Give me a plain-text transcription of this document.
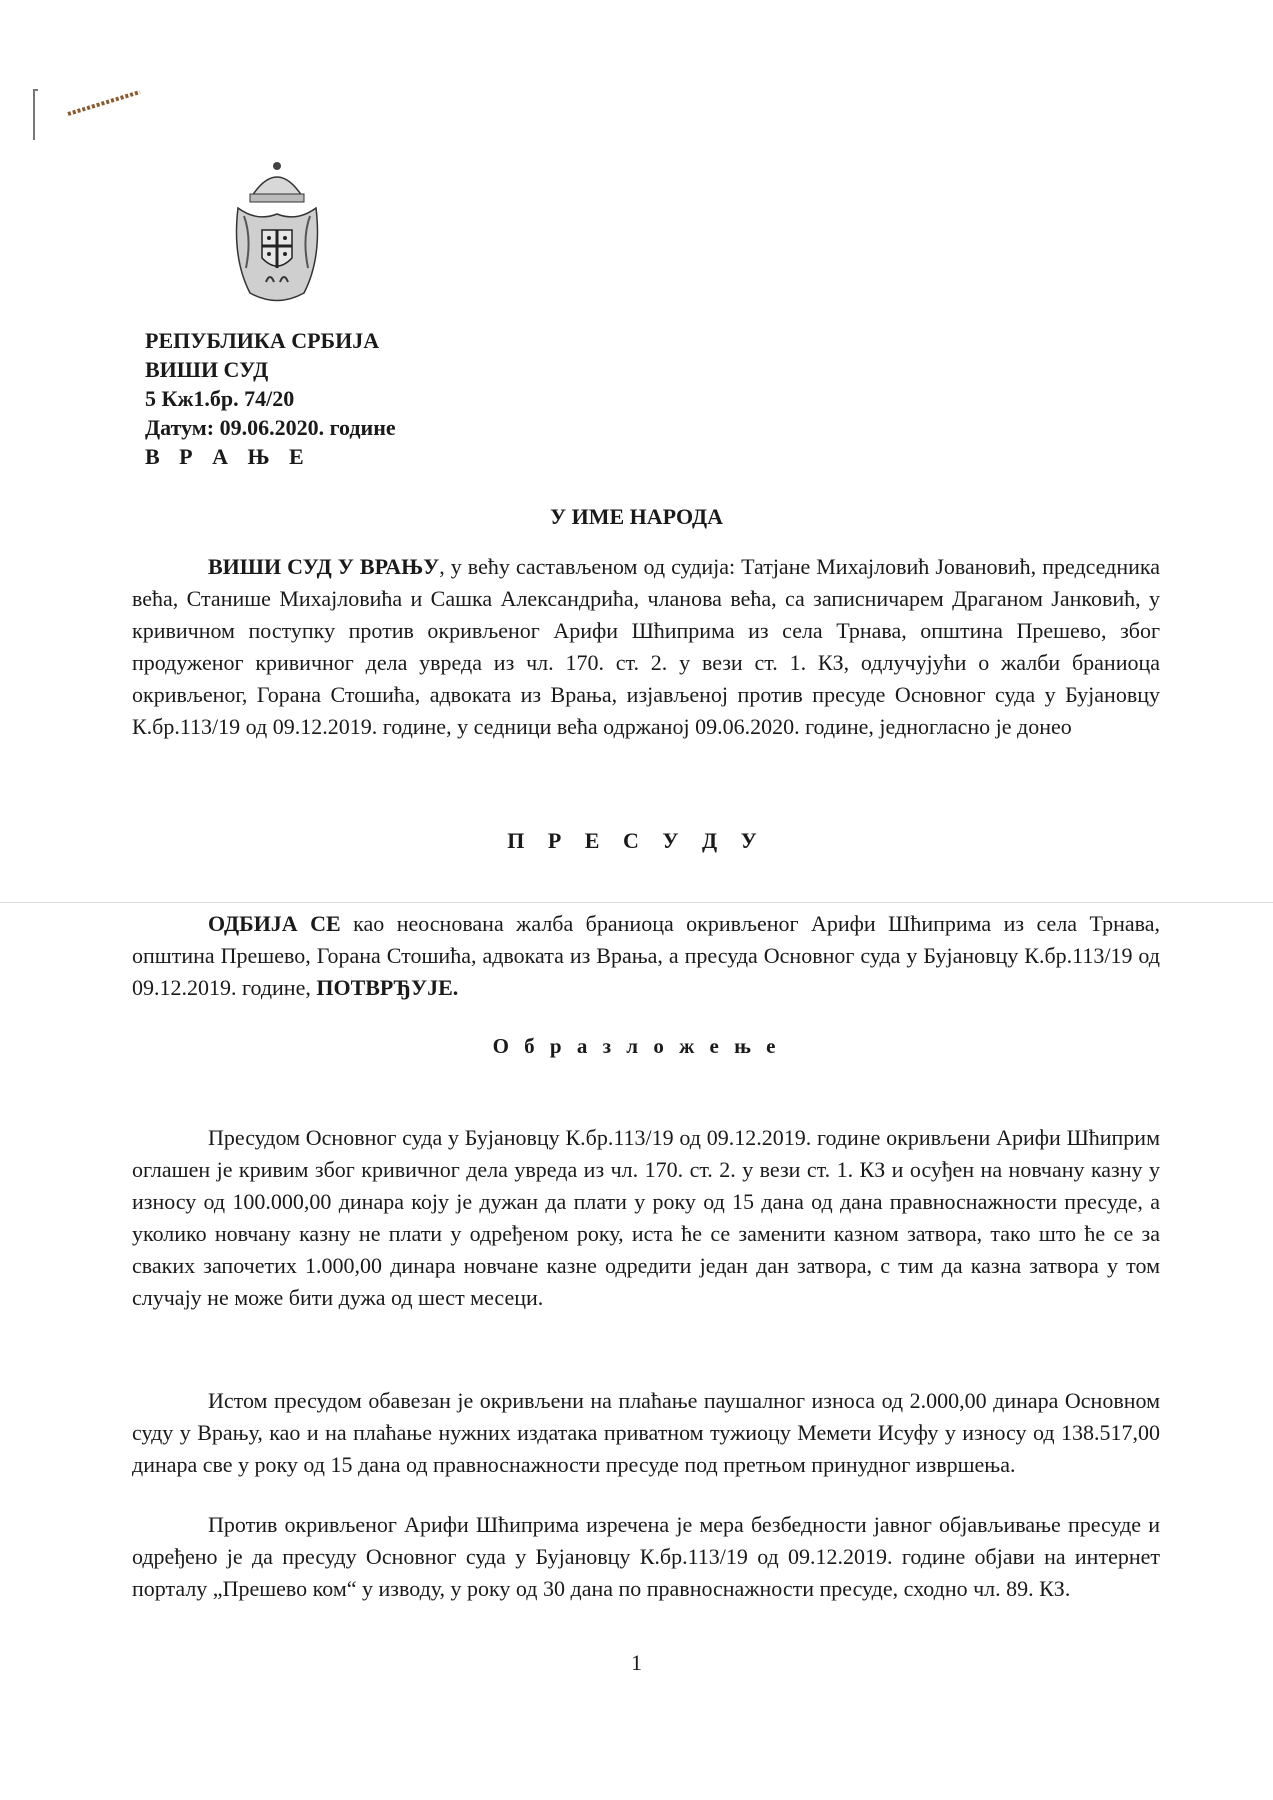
РЕПУБЛИКА СРБИЈА
ВИШИ СУД
5 Кж1.бр. 74/20
Датум: 09.06.2020. године
В Р А Њ Е
У ИМЕ НАРОДА

ВИШИ СУД У ВРАЊУ, у већу састављеном од судија: Татјане Михајловић Јовановић, председника већа, Станише Михајловића и Сашка Александрића, чланова већа, са записничарем Драганом Јанковић, у кривичном поступку против окривљеног Арифи Шћиприма из села Трнава, општина Прешево, због продуженог кривичног дела увреда из чл. 170. ст. 2. у вези ст. 1. КЗ, одлучујући о жалби браниоца окривљеног, Горана Стошића, адвоката из Врања, изјављеној против пресуде Основног суда у Бујановцу К.бр.113/19 од 09.12.2019. године, у седници већа одржаној 09.06.2020. године, једногласно је донео

П Р Е С У Д У

ОДБИЈА СЕ као неоснована жалба браниоца окривљеног Арифи Шћиприма из села Трнава, општина Прешево, Горана Стошића, адвоката из Врања, а пресуда Основног суда у Бујановцу К.бр.113/19 од 09.12.2019. године, ПОТВРЂУЈЕ.

О б р а з л о ж е њ е

Пресудом Основног суда у Бујановцу К.бр.113/19 од 09.12.2019. године окривљени Арифи Шћиприм оглашен је кривим због кривичног дела увреда из чл. 170. ст. 2. у вези ст. 1. КЗ и осуђен на новчану казну у износу од 100.000,00 динара коју је дужан да плати у року од 15 дана од дана правноснажности пресуде, а уколико новчану казну не плати у одређеном року, иста ће се заменити казном затвора, тако што ће се за сваких започетих 1.000,00 динара новчане казне одредити један дан затвора, с тим да казна затвора у том случају не може бити дужа од шест месеци.

Истом пресудом обавезан је окривљени на плаћање паушалног износа од 2.000,00 динара Основном суду у Врању, као и на плаћање нужних издатака приватном тужиоцу Мемети Исуфу у износу од 138.517,00 динара све у року од 15 дана од правноснажности пресуде под претњом принудног извршења.

Против окривљеног Арифи Шћиприма изречена је мера безбедности јавног објављивање пресуде и одређено је да пресуду Основног суда у Бујановцу К.бр.113/19 од 09.12.2019. године објави на интернет порталу „Прешево ком“ у изводу, у року од 30 дана по правноснажности пресуде, сходно чл. 89. КЗ.

1
